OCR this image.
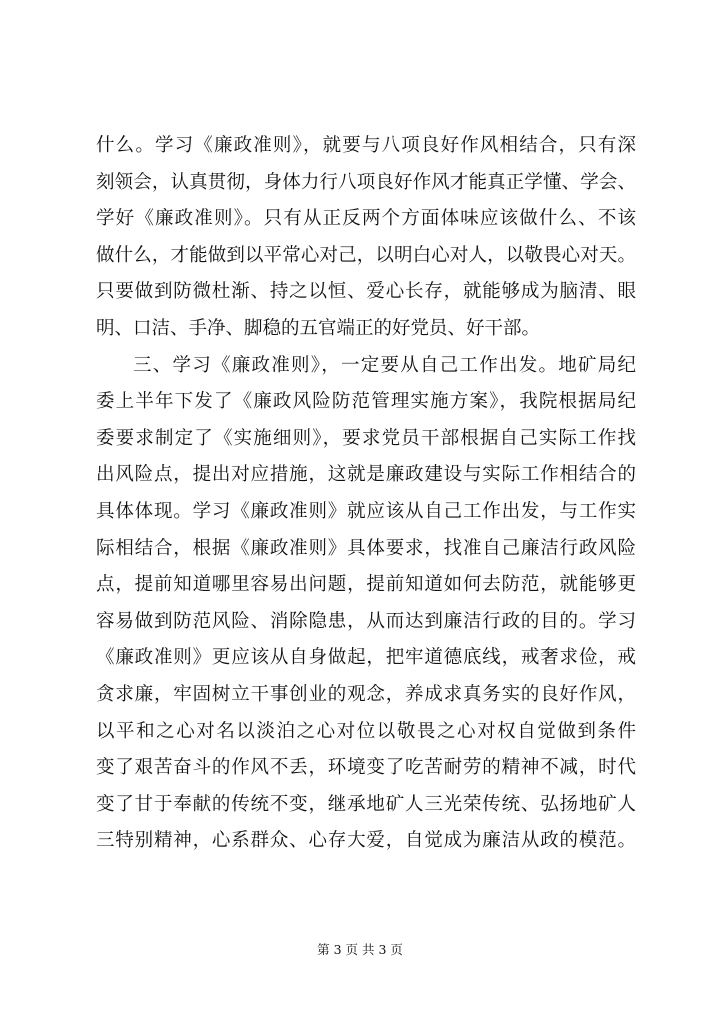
什么。学习《廉政准则》，就要与八项良好作风相结合，只有深
刻领会，认真贯彻，身体力行八项良好作风才能真正学懂、学会、
学好《廉政准则》。只有从正反两个方面体味应该做什么、不该
做什么，才能做到以平常心对己，以明白心对人，以敬畏心对天。
只要做到防微杜渐、持之以恒、爱心长存，就能够成为脑清、眼
明、口洁、手净、脚稳的五官端正的好党员、好干部。
三、学习《廉政准则》，一定要从自己工作出发。地矿局纪
委上半年下发了《廉政风险防范管理实施方案》，我院根据局纪
委要求制定了《实施细则》，要求党员干部根据自己实际工作找
出风险点，提出对应措施，这就是廉政建设与实际工作相结合的
具体体现。学习《廉政准则》就应该从自己工作出发，与工作实
际相结合，根据《廉政准则》具体要求，找准自己廉洁行政风险
点，提前知道哪里容易出问题，提前知道如何去防范，就能够更
容易做到防范风险、消除隐患，从而达到廉洁行政的目的。学习
《廉政准则》更应该从自身做起，把牢道德底线，戒奢求俭，戒
贪求廉，牢固树立干事创业的观念，养成求真务实的良好作风，
以平和之心对名以淡泊之心对位以敬畏之心对权自觉做到条件
变了艰苦奋斗的作风不丢，环境变了吃苦耐劳的精神不减，时代
变了甘于奉献的传统不变，继承地矿人三光荣传统、弘扬地矿人
三特别精神，心系群众、心存大爱，自觉成为廉洁从政的模范。
第 3 页 共 3 页
